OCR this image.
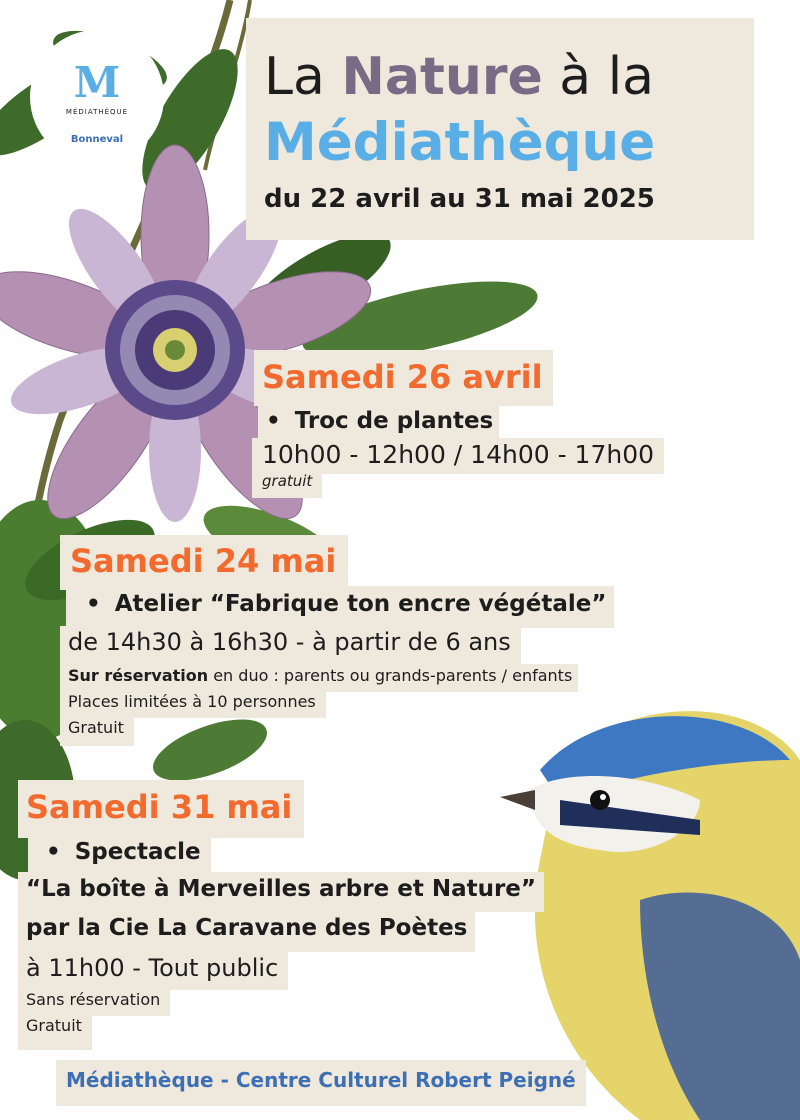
M
MÉDIATHÈQUE
Bonneval
La Nature à la
Médiathèque
du 22 avril au 31 mai 2025
Samedi 26 avril
• Troc de plantes
10h00 - 12h00 / 14h00 - 17h00
gratuit
Samedi 24 mai
• Atelier “Fabrique ton encre végétale”
de 14h30 à 16h30 - à partir de 6 ans
Sur réservation en duo : parents ou grands-parents / enfants
Places limitées à 10 personnes
Gratuit
Samedi 31 mai
• Spectacle
“La boîte à Merveilles arbre et Nature”
par la Cie La Caravane des Poètes
à 11h00 - Tout public
Sans réservation
Gratuit
Médiathèque - Centre Culturel Robert Peigné
